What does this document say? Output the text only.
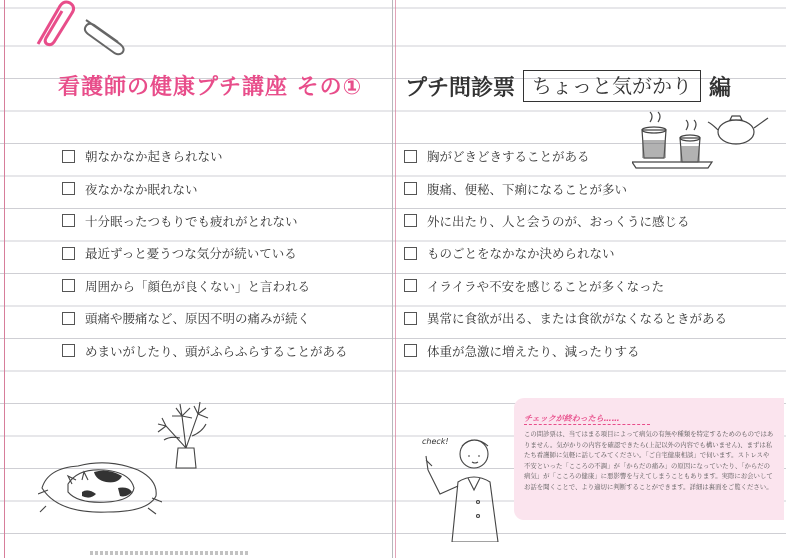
看護師の健康プチ講座 その① プチ問診票 ちょっと気がかり 編
朝なかなか起きられない
夜なかなか眠れない
十分眠ったつもりでも疲れがとれない
最近ずっと憂うつな気分が続いている
周囲から「顔色が良くない」と言われる
頭痛や腰痛など、原因不明の痛みが続く
めまいがしたり、頭がふらふらすることがある
胸がどきどきすることがある
腹痛、便秘、下痢になることが多い
外に出たり、人と会うのが、おっくうに感じる
ものごとをなかなか決められない
イライラや不安を感じることが多くなった
異常に食欲が出る、または食欲がなくなるときがある
体重が急激に増えたり、減ったりする
check!
チェックが終わったら……
この問診票は、当てはまる項目によって病気の有無や種類を特定するためのものではありません。気がかりの内容を確認できたら(上記以外の内容でも構いません)、まずは私たち看護師に気軽に話してみてください。「ご自宅健康相談」で伺います。ストレスや不安といった「こころの不調」が「からだの痛み」の原因になっていたり、「からだの病気」が「こころの健康」に悪影響を与えてしまうこともあります。実際にお会いしてお話を聞くことで、より適切に判断することができます。詳細は裏面をご覧ください。
